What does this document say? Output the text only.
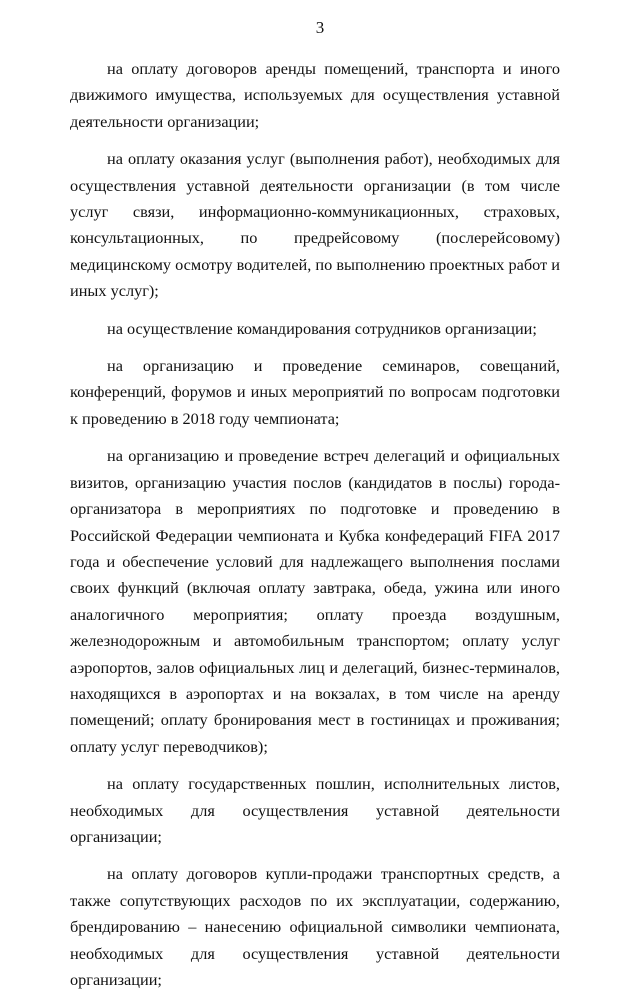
3

на оплату договоров аренды помещений, транспорта и иного движимого имущества, используемых для осуществления уставной деятельности организации;

на оплату оказания услуг (выполнения работ), необходимых для осуществления уставной деятельности организации (в том числе услуг связи, информационно-коммуникационных, страховых, консультационных, по предрейсовому (послерейсовому) медицинскому осмотру водителей, по выполнению проектных работ и иных услуг);

на осуществление командирования сотрудников организации;

на организацию и проведение семинаров, совещаний, конференций, форумов и иных мероприятий по вопросам подготовки к проведению в 2018 году чемпионата;

на организацию и проведение встреч делегаций и официальных визитов, организацию участия послов (кандидатов в послы) города-организатора в мероприятиях по подготовке и проведению в Российской Федерации чемпионата и Кубка конфедераций FIFA 2017 года и обеспечение условий для надлежащего выполнения послами своих функций (включая оплату завтрака, обеда, ужина или иного аналогичного мероприятия; оплату проезда воздушным, железнодорожным и автомобильным транспортом; оплату услуг аэропортов, залов официальных лиц и делегаций, бизнес-терминалов, находящихся в аэропортах и на вокзалах, в том числе на аренду помещений; оплату бронирования мест в гостиницах и проживания; оплату услуг переводчиков);

на оплату государственных пошлин, исполнительных листов, необходимых для осуществления уставной деятельности организации;

на оплату договоров купли-продажи транспортных средств, а также сопутствующих расходов по их эксплуатации, содержанию, брендированию – нанесению официальной символики чемпионата, необходимых для осуществления уставной деятельности организации;
